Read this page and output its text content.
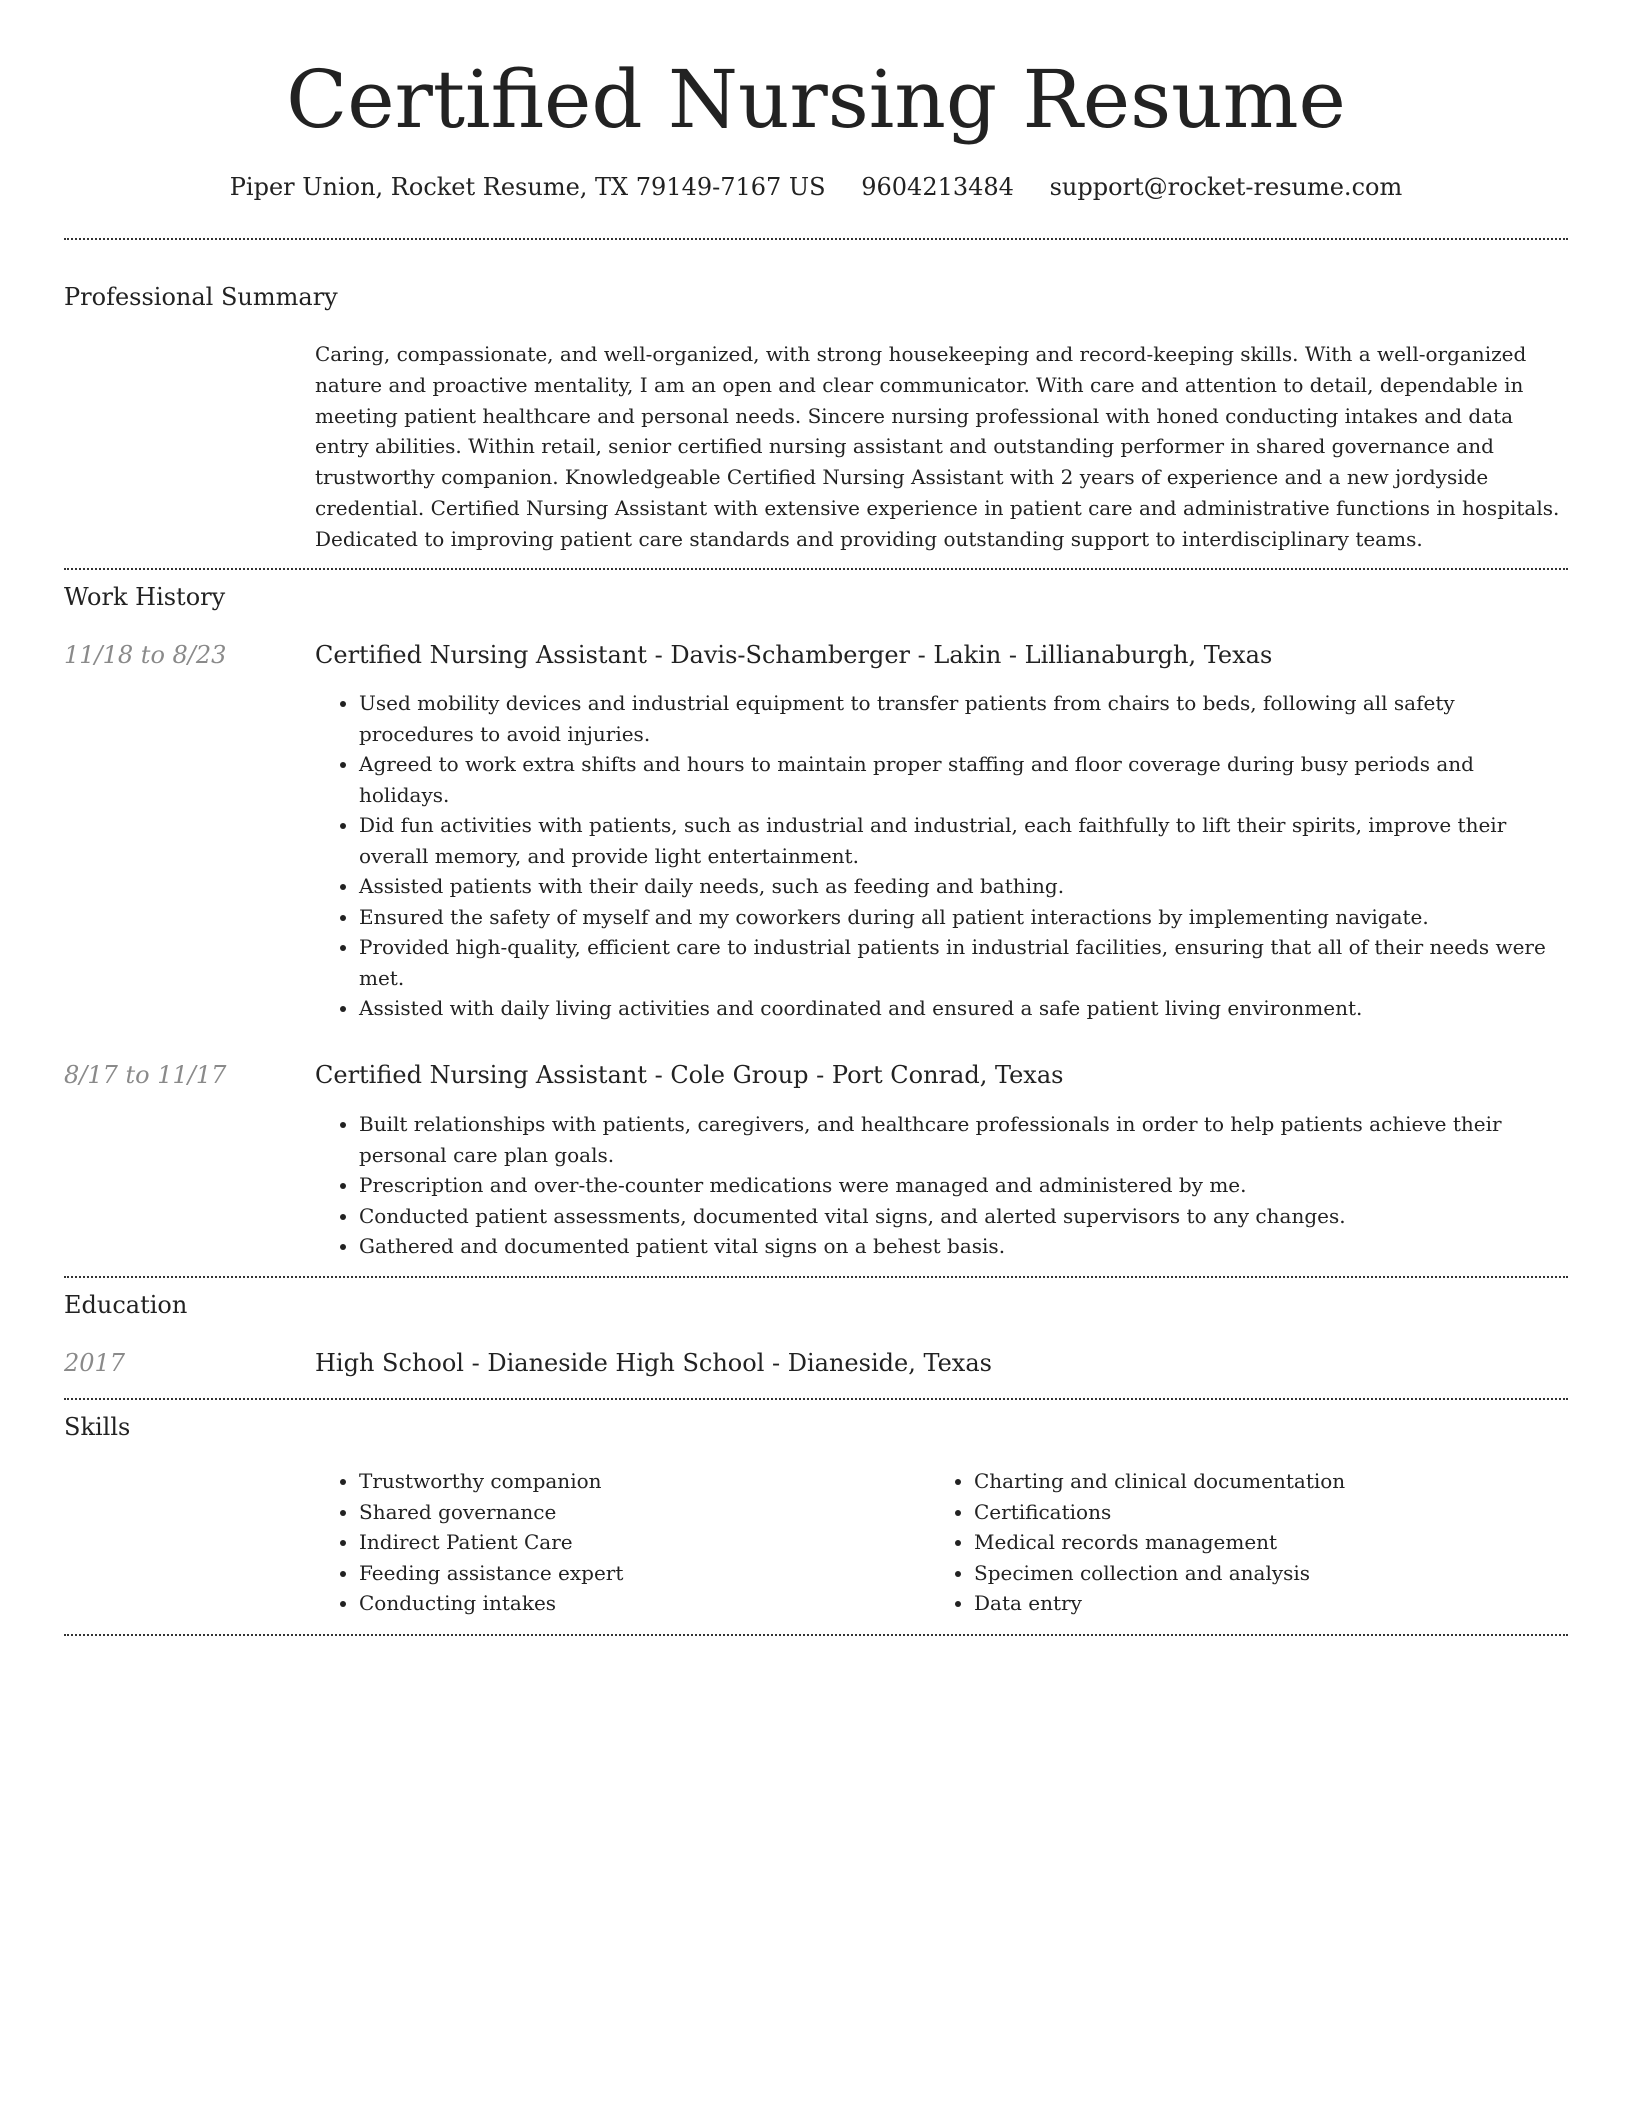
Certified Nursing Resume
Piper Union, Rocket Resume, TX 79149-7167 US 9604213484 support@rocket-resume.com
Professional Summary

Caring, compassionate, and well-organized, with strong housekeeping and record-keeping skills. With a well-organized nature and proactive mentality, I am an open and clear communicator. With care and attention to detail, dependable in meeting patient healthcare and personal needs. Sincere nursing professional with honed conducting intakes and data entry abilities. Within retail, senior certified nursing assistant and outstanding performer in shared governance and trustworthy companion. Knowledgeable Certified Nursing Assistant with 2 years of experience and a new jordyside credential. Certified Nursing Assistant with extensive experience in patient care and administrative functions in hospitals. Dedicated to improving patient care standards and providing outstanding support to interdisciplinary teams.

Work History
11/18 to 8/23	Certified Nursing Assistant - Davis-Schamberger - Lakin - Lillianaburgh, Texas
• Used mobility devices and industrial equipment to transfer patients from chairs to beds, following all safety procedures to avoid injuries.
• Agreed to work extra shifts and hours to maintain proper staffing and floor coverage during busy periods and holidays.
• Did fun activities with patients, such as industrial and industrial, each faithfully to lift their spirits, improve their overall memory, and provide light entertainment.
• Assisted patients with their daily needs, such as feeding and bathing.
• Ensured the safety of myself and my coworkers during all patient interactions by implementing navigate.
• Provided high-quality, efficient care to industrial patients in industrial facilities, ensuring that all of their needs were met.
• Assisted with daily living activities and coordinated and ensured a safe patient living environment.
8/17 to 11/17	Certified Nursing Assistant - Cole Group - Port Conrad, Texas
• Built relationships with patients, caregivers, and healthcare professionals in order to help patients achieve their personal care plan goals.
• Prescription and over-the-counter medications were managed and administered by me.
• Conducted patient assessments, documented vital signs, and alerted supervisors to any changes.
• Gathered and documented patient vital signs on a behest basis.
Education
2017	High School - Dianeside High School - Dianeside, Texas
Skills
• Trustworthy companion
• Shared governance
• Indirect Patient Care
• Feeding assistance expert
• Conducting intakes
• Charting and clinical documentation
• Certifications
• Medical records management
• Specimen collection and analysis
• Data entry
